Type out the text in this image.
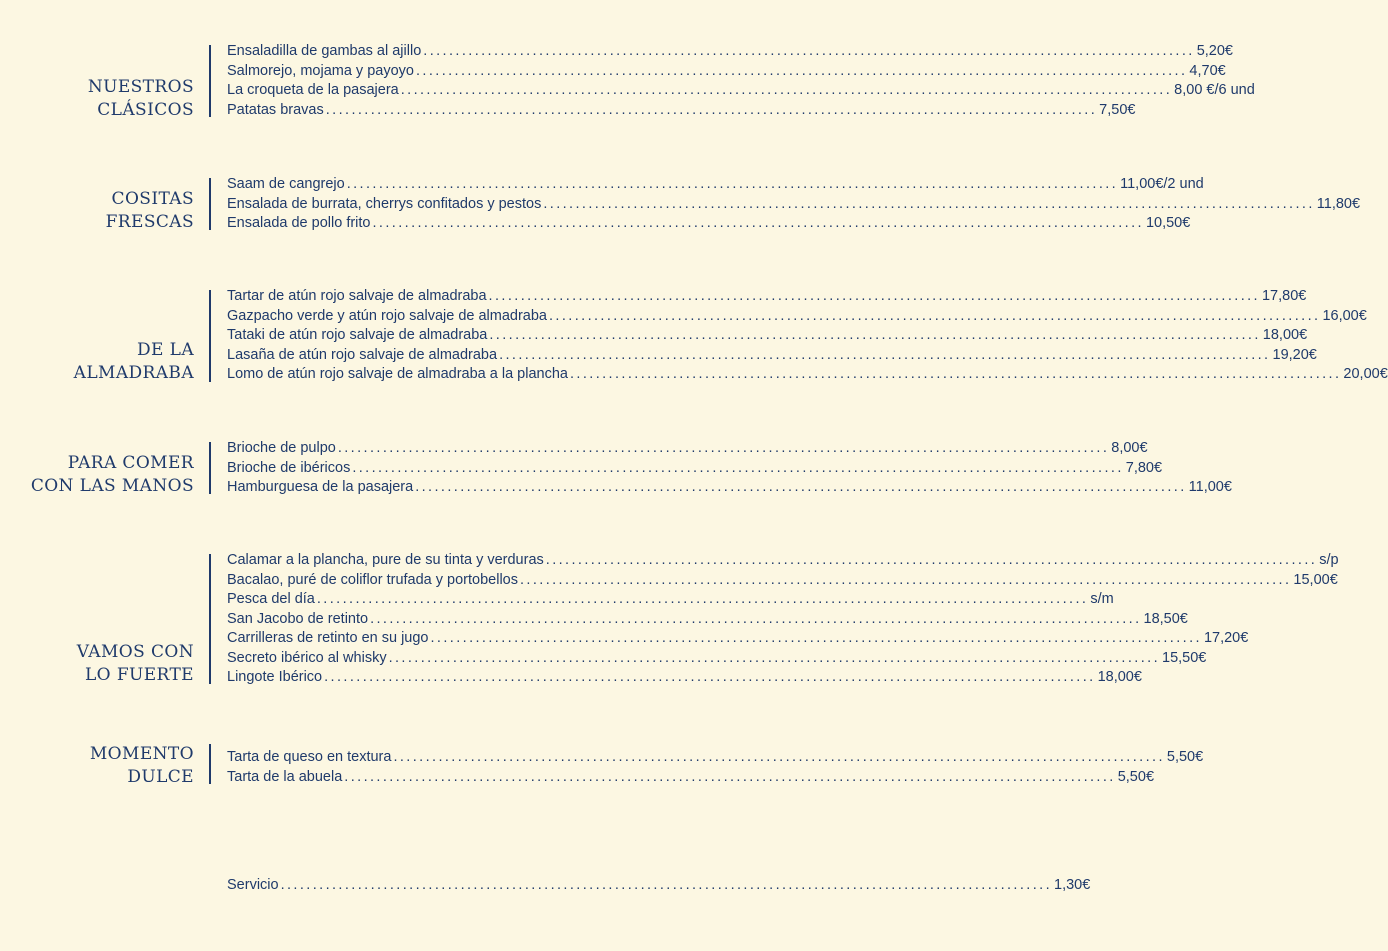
NUESTROS
CLÁSICOS
Ensaladilla de gambas al ajillo ........................................................................................................................ 5,20€
Salmorejo, mojama y payoyo ........................................................................................................................ 4,70€
La croqueta de la pasajera ........................................................................................................................ 8,00 €/6 und
Patatas bravas ........................................................................................................................ 7,50€
COSITAS
FRESCAS
Saam de cangrejo ........................................................................................................................ 11,00€/2 und
Ensalada de burrata, cherrys confitados y pestos ........................................................................................................................ 11,80€
Ensalada de pollo frito ........................................................................................................................ 10,50€
DE LA
ALMADRABA
Tartar de atún rojo salvaje de almadraba ........................................................................................................................ 17,80€
Gazpacho verde y atún rojo salvaje de almadraba ........................................................................................................................ 16,00€
Tataki de atún rojo salvaje de almadraba ........................................................................................................................ 18,00€
Lasaña de atún rojo salvaje de almadraba ........................................................................................................................ 19,20€
Lomo de atún rojo salvaje de almadraba a la plancha ........................................................................................................................ 20,00€
PARA COMER
CON LAS MANOS
Brioche de pulpo ........................................................................................................................ 8,00€
Brioche de ibéricos ........................................................................................................................ 7,80€
Hamburguesa de la pasajera ........................................................................................................................ 11,00€
VAMOS CON
LO FUERTE
Calamar a la plancha, pure de su tinta y verduras ........................................................................................................................ s/p
Bacalao, puré de coliflor trufada y portobellos ........................................................................................................................ 15,00€
Pesca del día ........................................................................................................................ s/m
San Jacobo de retinto ........................................................................................................................ 18,50€
Carrilleras de retinto en su jugo ........................................................................................................................ 17,20€
Secreto ibérico al whisky ........................................................................................................................ 15,50€
Lingote Ibérico ........................................................................................................................ 18,00€
MOMENTO
DULCE
Tarta de queso en textura ........................................................................................................................ 5,50€
Tarta de la abuela ........................................................................................................................ 5,50€
Servicio ........................................................................................................................ 1,30€
